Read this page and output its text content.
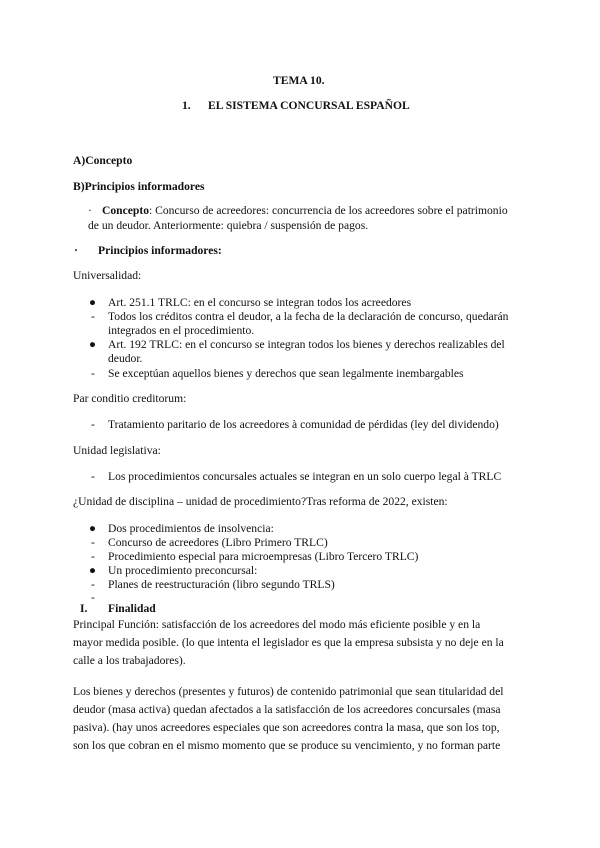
TEMA 10.
1. EL SISTEMA CONCURSAL ESPAÑOL
A)Concepto
B)Principios informadores
· Concepto: Concurso de acreedores: concurrencia de los acreedores sobre el patrimonio
de un deudor. Anteriormente: quiebra / suspensión de pagos.
· Principios informadores:
Universalidad:
● Art. 251.1 TRLC: en el concurso se integran todos los acreedores
- Todos los créditos contra el deudor, a la fecha de la declaración de concurso, quedarán
integrados en el procedimiento.
● Art. 192 TRLC: en el concurso se integran todos los bienes y derechos realizables del
deudor.
- Se exceptúan aquellos bienes y derechos que sean legalmente inembargables
Par conditio creditorum:
- Tratamiento paritario de los acreedores à comunidad de pérdidas (ley del dividendo)
Unidad legislativa:
- Los procedimientos concursales actuales se integran en un solo cuerpo legal à TRLC
¿Unidad de disciplina – unidad de procedimiento?Tras reforma de 2022, existen:
● Dos procedimientos de insolvencia:
- Concurso de acreedores (Libro Primero TRLC)
- Procedimiento especial para microempresas (Libro Tercero TRLC)
● Un procedimiento preconcursal:
- Planes de reestructuración (libro segundo TRLS)
-
I. Finalidad
Principal Función: satisfacción de los acreedores del modo más eficiente posible y en la
mayor medida posible. (lo que intenta el legislador es que la empresa subsista y no deje en la
calle a los trabajadores).
Los bienes y derechos (presentes y futuros) de contenido patrimonial que sean titularidad del
deudor (masa activa) quedan afectados a la satisfacción de los acreedores concursales (masa
pasiva). (hay unos acreedores especiales que son acreedores contra la masa, que son los top,
son los que cobran en el mismo momento que se produce su vencimiento, y no forman parte
